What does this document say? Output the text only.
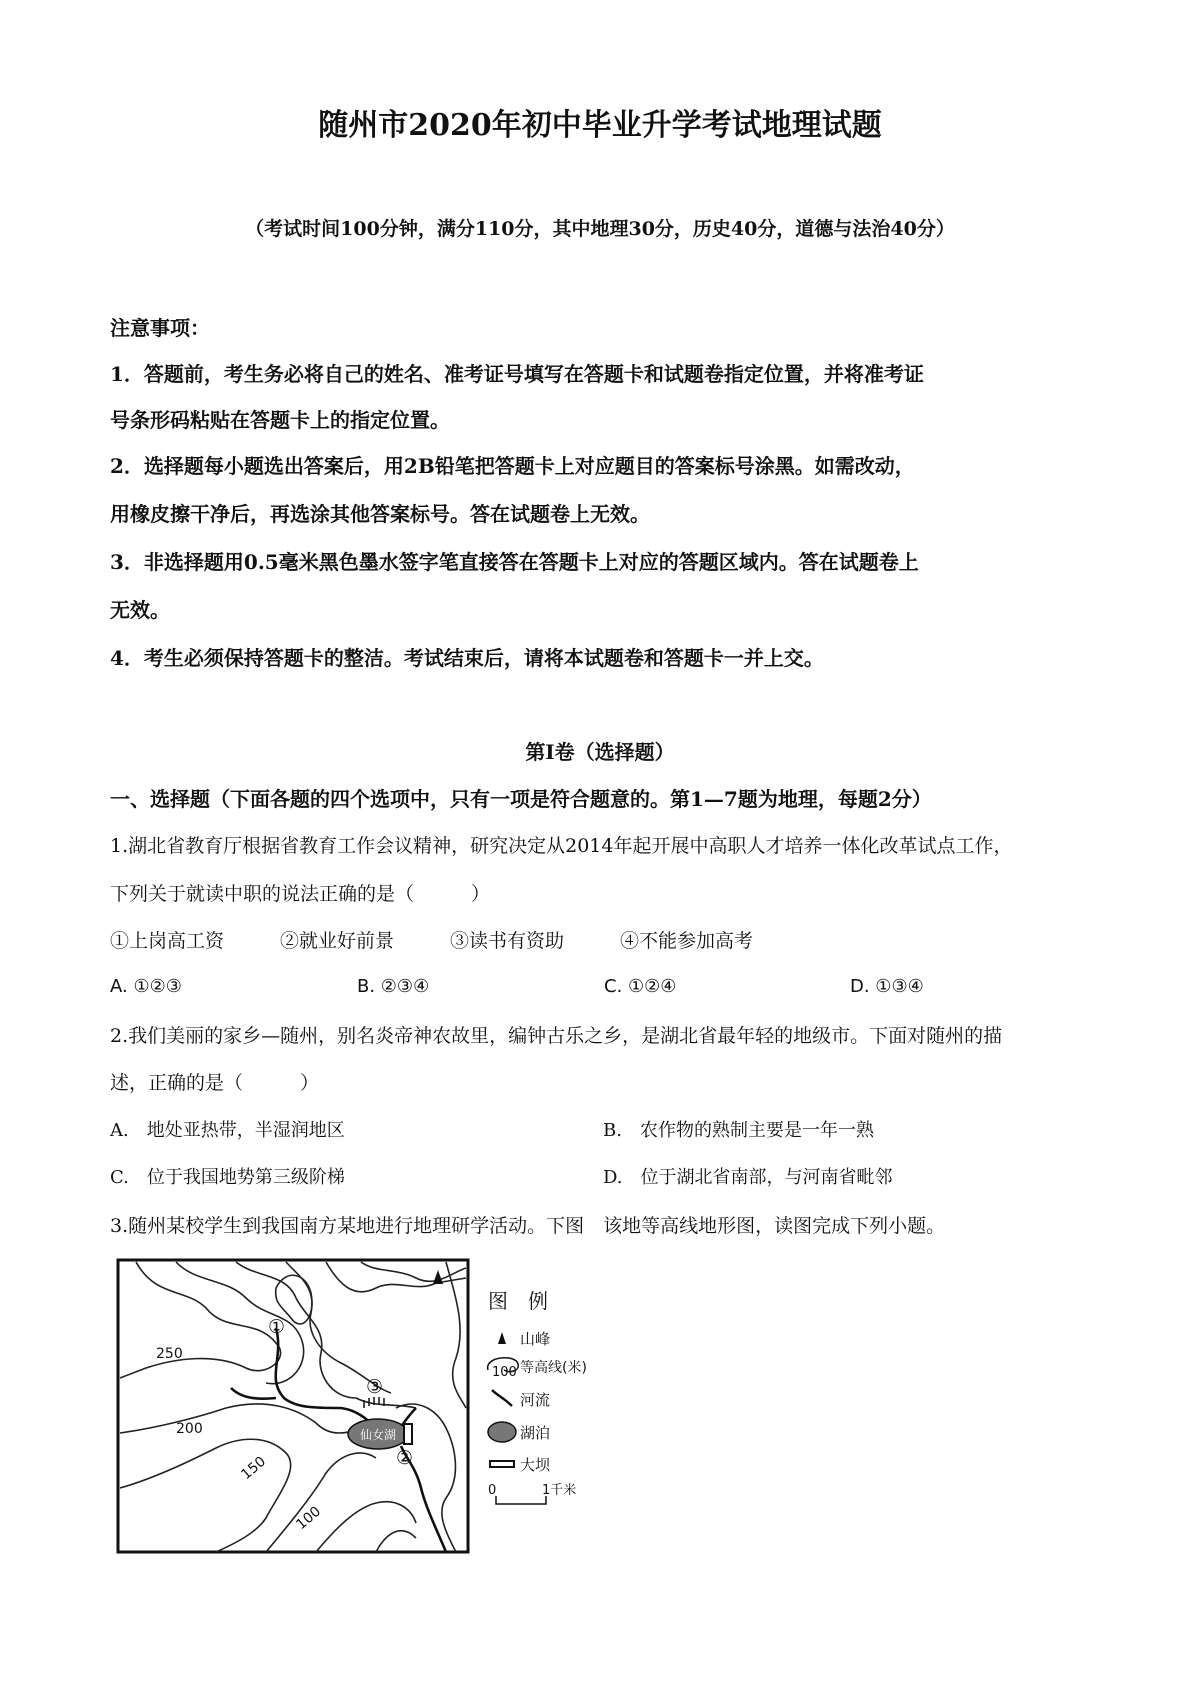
随州市2020年初中毕业升学考试地理试题
（考试时间100分钟，满分110分，其中地理30分，历史40分，道德与法治40分）
注意事项：
1．答题前，考生务必将自己的姓名、准考证号填写在答题卡和试题卷指定位置，并将准考证
号条形码粘贴在答题卡上的指定位置。
2．选择题每小题选出答案后，用2B铅笔把答题卡上对应题目的答案标号涂黑。如需改动，
用橡皮擦干净后，再选涂其他答案标号。答在试题卷上无效。
3．非选择题用0.5毫米黑色墨水签字笔直接答在答题卡上对应的答题区域内。答在试题卷上
无效。
4．考生必须保持答题卡的整洁。考试结束后，请将本试题卷和答题卡一并上交。
第Ⅰ卷（选择题）
一、选择题（下面各题的四个选项中，只有一项是符合题意的。第1—7题为地理，每题2分）
1.湖北省教育厅根据省教育工作会议精神，研究决定从2014年起开展中高职人才培养一体化改革试点工作，
下列关于就读中职的说法正确的是（　　　）
①上岗高工资	②就业好前景	③读书有资助	④不能参加高考
A. ①②③	B. ②③④	C. ①②④	D. ①③④
2.我们美丽的家乡—随州，别名炎帝神农故里，编钟古乐之乡，是湖北省最年轻的地级市。下面对随州的描
述，正确的是（　　　）
A.　地处亚热带，半湿润地区	B.　农作物的熟制主要是一年一熟
C.　位于我国地势第三级阶梯	D.　位于湖北省南部，与河南省毗邻
3.随州某校学生到我国南方某地进行地理研学活动。下图　该地等高线地形图，读图完成下列小题。
仙女湖
250
200
150
100
①
②
③
图　例
山峰
100 等高线(米)
河流
湖泊
大坝
0	1千米
